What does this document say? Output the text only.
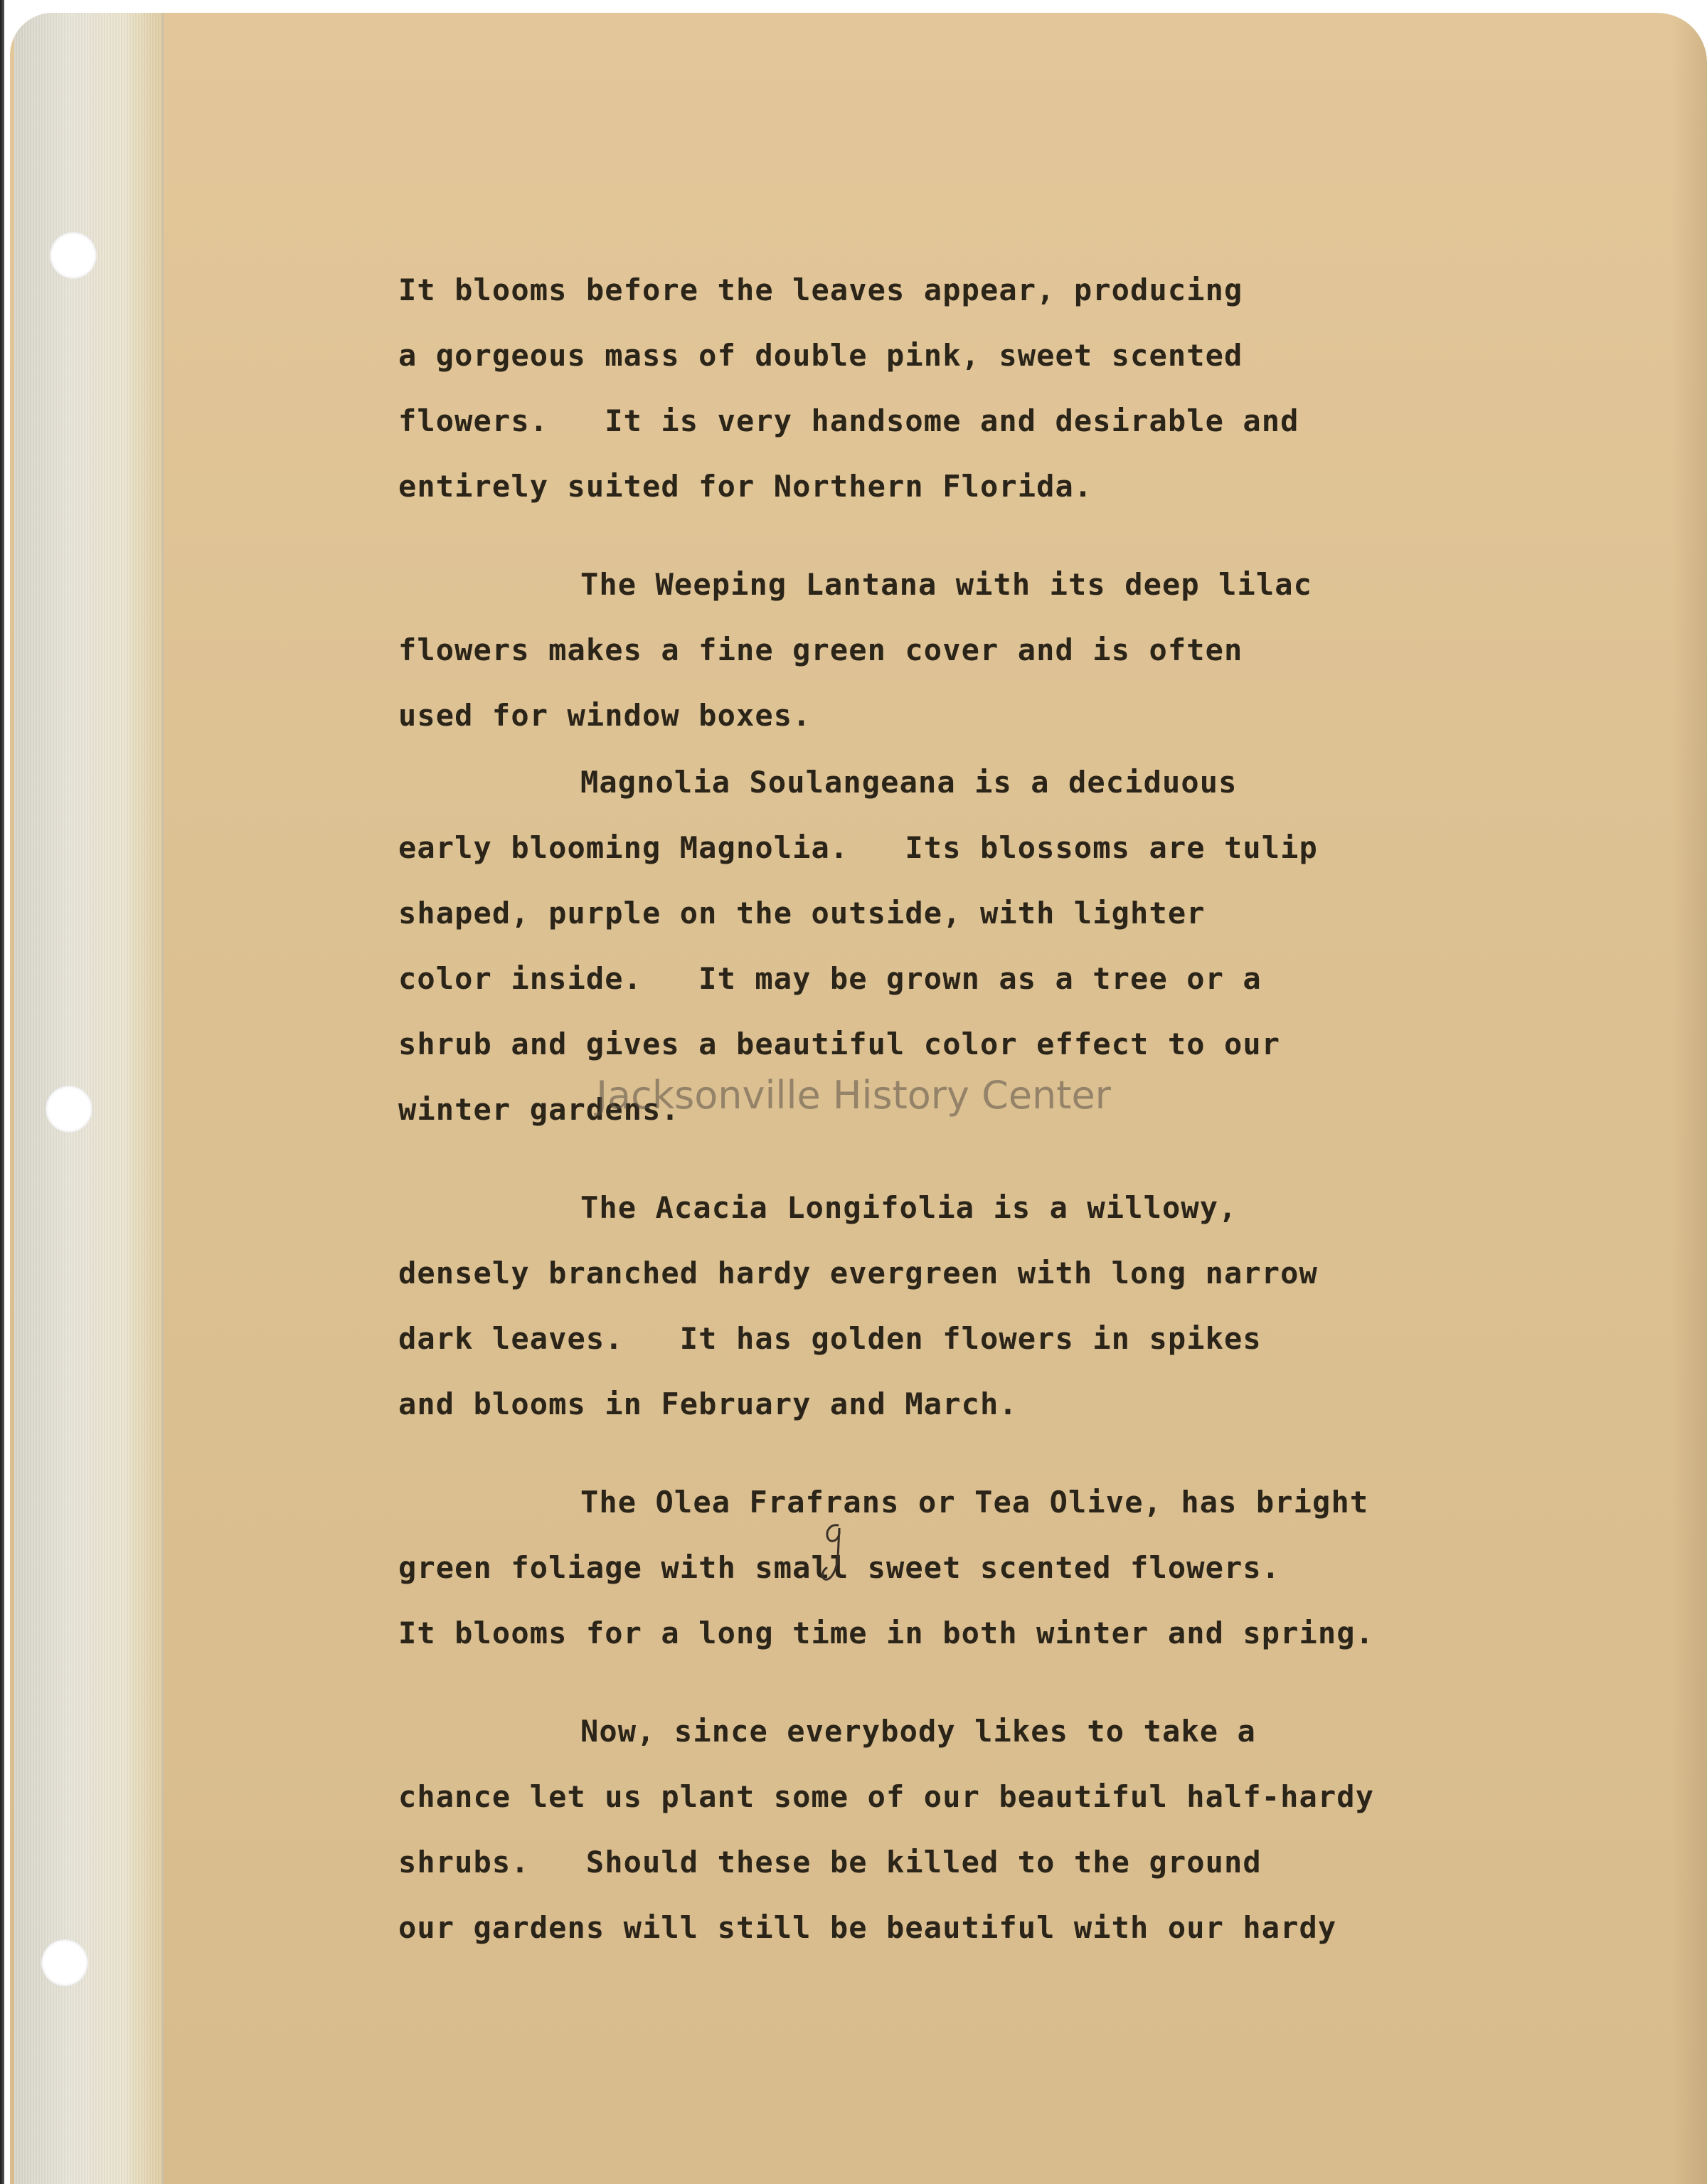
It blooms before the leaves appear, producing
a gorgeous mass of double pink, sweet scented
flowers.   It is very handsome and desirable and
entirely suited for Northern Florida.
The Weeping Lantana with its deep lilac
flowers makes a fine green cover and is often
used for window boxes.
Magnolia Soulangeana is a deciduous
early blooming Magnolia.   Its blossoms are tulip
shaped, purple on the outside, with lighter
color inside.   It may be grown as a tree or a
shrub and gives a beautiful color effect to our
winter gardens.
The Acacia Longifolia is a willowy,
densely branched hardy evergreen with long narrow
dark leaves.   It has golden flowers in spikes
and blooms in February and March.
The Olea Frafrans or Tea Olive, has bright
green foliage with small sweet scented flowers.
It blooms for a long time in both winter and spring.
Now, since everybody likes to take a
chance let us plant some of our beautiful half-hardy
shrubs.   Should these be killed to the ground
our gardens will still be beautiful with our hardy
Jacksonville History Center
